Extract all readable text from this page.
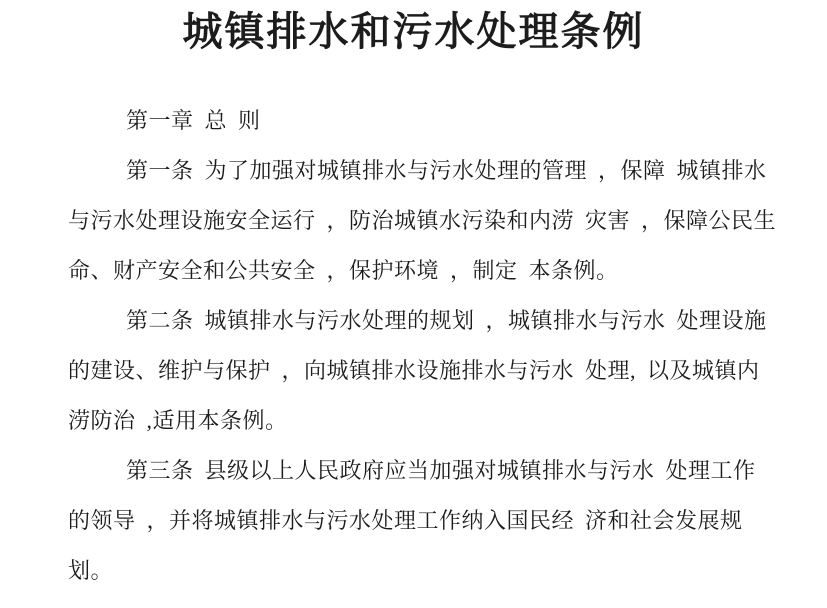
城镇排水和污水处理条例
第一章 总 则
第一条 为了加强对城镇排水与污水处理的管理 ，保障 城镇排水
与污水处理设施安全运行 ，防治城镇水污染和内涝 灾害 ，保障公民生
命、财产安全和公共安全 ，保护环境 ，制定 本条例。
第二条 城镇排水与污水处理的规划 ，城镇排水与污水 处理设施
的建设、维护与保护 ，向城镇排水设施排水与污水 处理, 以及城镇内
涝防治 ,适用本条例。
第三条 县级以上人民政府应当加强对城镇排水与污水 处理工作
的领导 ，并将城镇排水与污水处理工作纳入国民经 济和社会发展规
划。
